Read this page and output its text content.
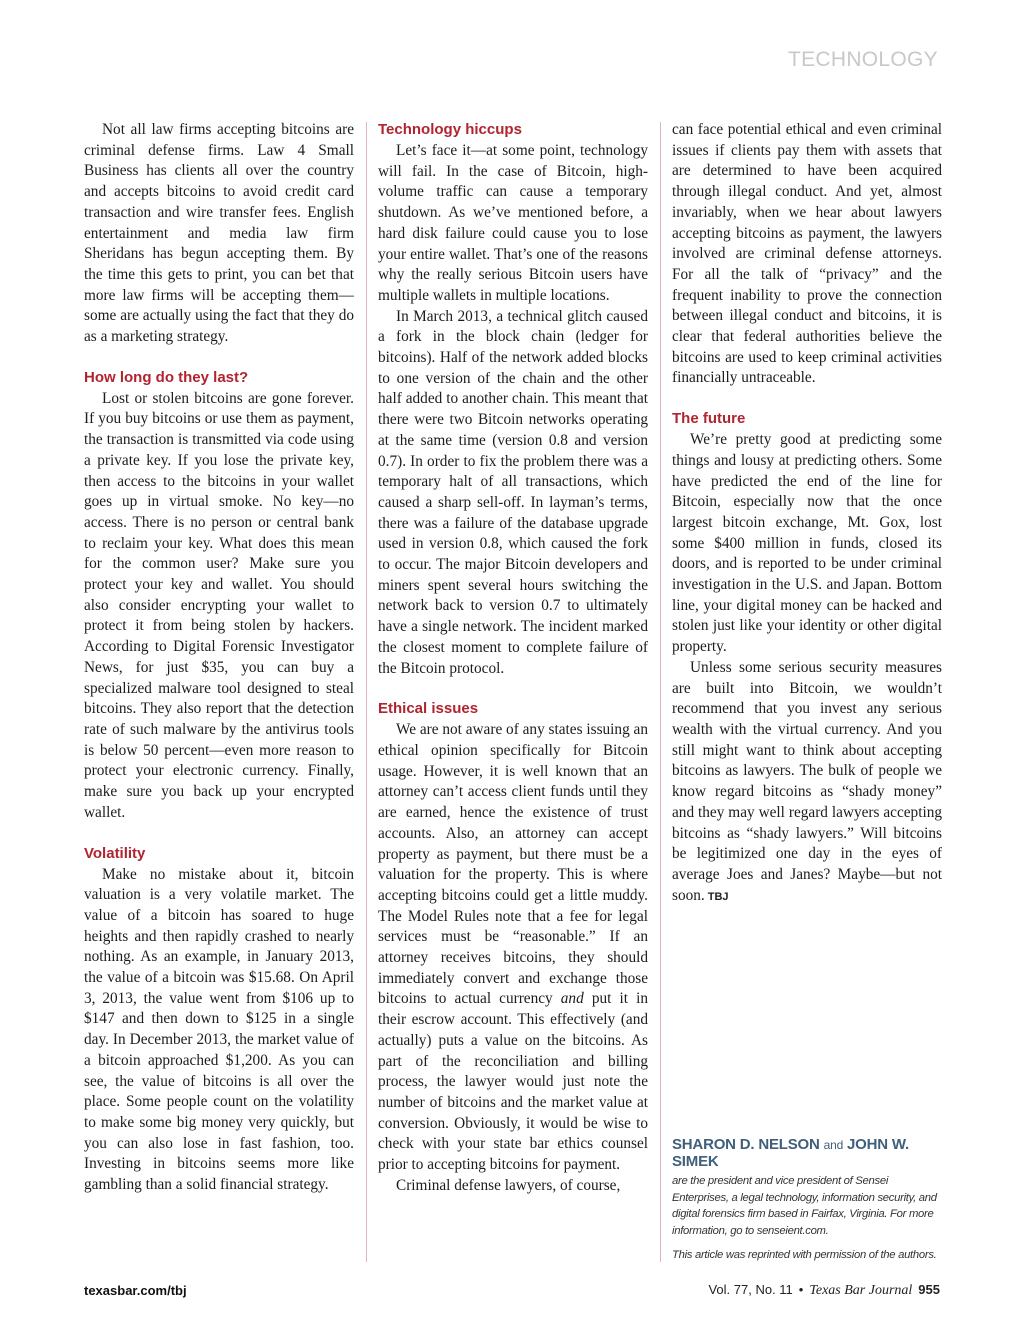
TECHNOLOGY

Not all law firms accepting bitcoins are criminal defense firms. Law 4 Small Business has clients all over the country and accepts bitcoins to avoid credit card transaction and wire transfer fees. English entertainment and media law firm Sheridans has begun accepting them. By the time this gets to print, you can bet that more law firms will be accepting them—some are actually using the fact that they do as a marketing strategy.

How long do they last?

Lost or stolen bitcoins are gone forever. If you buy bitcoins or use them as payment, the transaction is transmitted via code using a private key. If you lose the private key, then access to the bitcoins in your wallet goes up in virtual smoke. No key—no access. There is no person or central bank to reclaim your key. What does this mean for the common user? Make sure you protect your key and wallet. You should also consider encrypting your wallet to protect it from being stolen by hackers. According to Digital Forensic Investigator News, for just $35, you can buy a specialized malware tool designed to steal bitcoins. They also report that the detection rate of such malware by the antivirus tools is below 50 percent—even more reason to protect your electronic currency. Finally, make sure you back up your encrypted wallet.

Volatility

Make no mistake about it, bitcoin valuation is a very volatile market. The value of a bitcoin has soared to huge heights and then rapidly crashed to nearly nothing. As an example, in January 2013, the value of a bitcoin was $15.68. On April 3, 2013, the value went from $106 up to $147 and then down to $125 in a single day. In December 2013, the market value of a bitcoin approached $1,200. As you can see, the value of bitcoins is all over the place. Some people count on the volatility to make some big money very quickly, but you can also lose in fast fashion, too. Investing in bitcoins seems more like gambling than a solid financial strategy.

Technology hiccups

Let’s face it—at some point, technology will fail. In the case of Bitcoin, high-volume traffic can cause a temporary shutdown. As we’ve mentioned before, a hard disk failure could cause you to lose your entire wallet. That’s one of the reasons why the really serious Bitcoin users have multiple wallets in multiple locations.

In March 2013, a technical glitch caused a fork in the block chain (ledger for bitcoins). Half of the network added blocks to one version of the chain and the other half added to another chain. This meant that there were two Bitcoin networks operating at the same time (version 0.8 and version 0.7). In order to fix the problem there was a temporary halt of all transactions, which caused a sharp sell-off. In layman’s terms, there was a failure of the database upgrade used in version 0.8, which caused the fork to occur. The major Bitcoin developers and miners spent several hours switching the network back to version 0.7 to ultimately have a single network. The incident marked the closest moment to complete failure of the Bitcoin protocol.

Ethical issues

We are not aware of any states issuing an ethical opinion specifically for Bitcoin usage. However, it is well known that an attorney can’t access client funds until they are earned, hence the existence of trust accounts. Also, an attorney can accept property as payment, but there must be a valuation for the property. This is where accepting bitcoins could get a little muddy. The Model Rules note that a fee for legal services must be “reasonable.” If an attorney receives bitcoins, they should immediately convert and exchange those bitcoins to actual currency and put it in their escrow account. This effectively (and actually) puts a value on the bitcoins. As part of the reconciliation and billing process, the lawyer would just note the number of bitcoins and the market value at conversion. Obviously, it would be wise to check with your state bar ethics counsel prior to accepting bitcoins for payment.

Criminal defense lawyers, of course,

can face potential ethical and even criminal issues if clients pay them with assets that are determined to have been acquired through illegal conduct. And yet, almost invariably, when we hear about lawyers accepting bitcoins as payment, the lawyers involved are criminal defense attorneys. For all the talk of “privacy” and the frequent inability to prove the connection between illegal conduct and bitcoins, it is clear that federal authorities believe the bitcoins are used to keep criminal activities financially untraceable.

The future

We’re pretty good at predicting some things and lousy at predicting others. Some have predicted the end of the line for Bitcoin, especially now that the once largest bitcoin exchange, Mt. Gox, lost some $400 million in funds, closed its doors, and is reported to be under criminal investigation in the U.S. and Japan. Bottom line, your digital money can be hacked and stolen just like your identity or other digital property.

Unless some serious security measures are built into Bitcoin, we wouldn’t recommend that you invest any serious wealth with the virtual currency. And you still might want to think about accepting bitcoins as lawyers. The bulk of people we know regard bitcoins as “shady money” and they may well regard lawyers accepting bitcoins as “shady lawyers.” Will bitcoins be legitimized one day in the eyes of average Joes and Janes? Maybe—but not soon. TBJ

SHARON D. NELSON and JOHN W. SIMEK

are the president and vice president of Sensei Enterprises, a legal technology, information security, and digital forensics firm based in Fairfax, Virginia. For more information, go to senseient.com.

This article was reprinted with permission of the authors.

texasbar.com/tbj	Vol. 77, No. 11 • Texas Bar Journal 955
